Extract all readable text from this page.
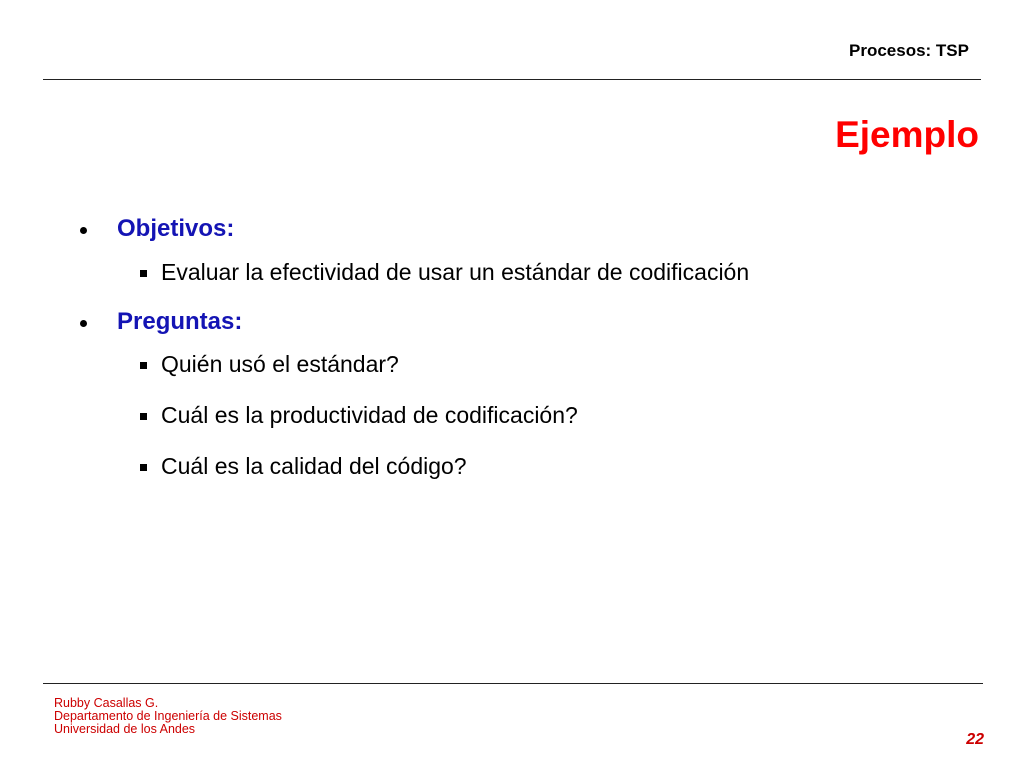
Procesos: TSP
Ejemplo
Objetivos:
Evaluar la efectividad de usar un estándar de codificación
Preguntas:
Quién usó el estándar?
Cuál es la productividad de codificación?
Cuál es la calidad del código?
Rubby Casallas G.
Departamento de Ingeniería de Sistemas
Universidad de los Andes
22
